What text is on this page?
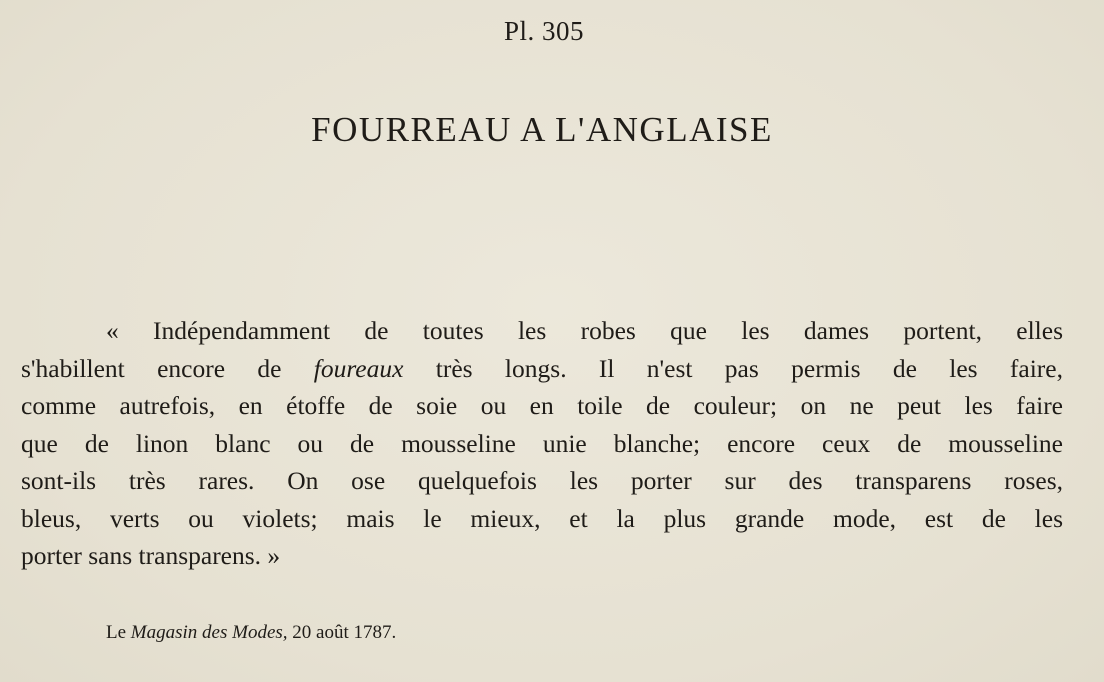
Pl. 305
FOURREAU A L'ANGLAISE
« Indépendamment de toutes les robes que les dames portent, elles
s'habillent encore de foureaux très longs. Il n'est pas permis de les faire,
comme autrefois, en étoffe de soie ou en toile de couleur; on ne peut les faire
que de linon blanc ou de mousseline unie blanche; encore ceux de mousseline
sont-ils très rares. On ose quelquefois les porter sur des transparens roses,
bleus, verts ou violets; mais le mieux, et la plus grande mode, est de les
porter sans transparens. »
Le Magasin des Modes, 20 août 1787.
